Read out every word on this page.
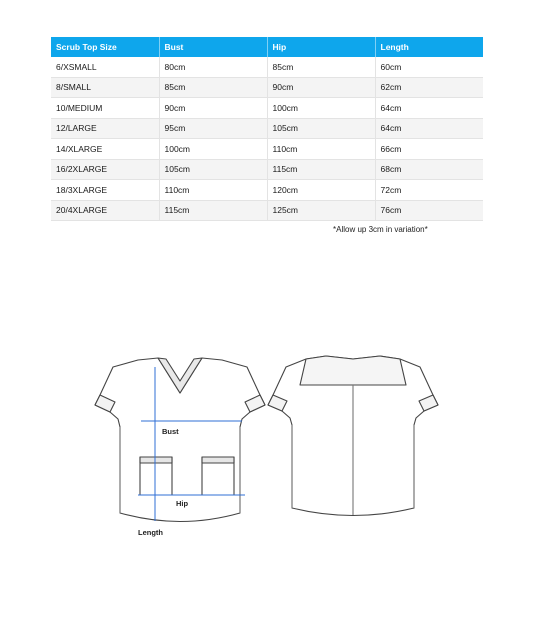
Scrub Top Size	Bust	Hip	Length
6/XSMALL	80cm	85cm	60cm
8/SMALL	85cm	90cm	62cm
10/MEDIUM	90cm	100cm	64cm
12/LARGE	95cm	105cm	64cm
14/XLARGE	100cm	110cm	66cm
16/2XLARGE	105cm	115cm	68cm
18/3XLARGE	110cm	120cm	72cm
20/4XLARGE	115cm	125cm	76cm
*Allow up 3cm in variation*
Bust
Hip
Length
